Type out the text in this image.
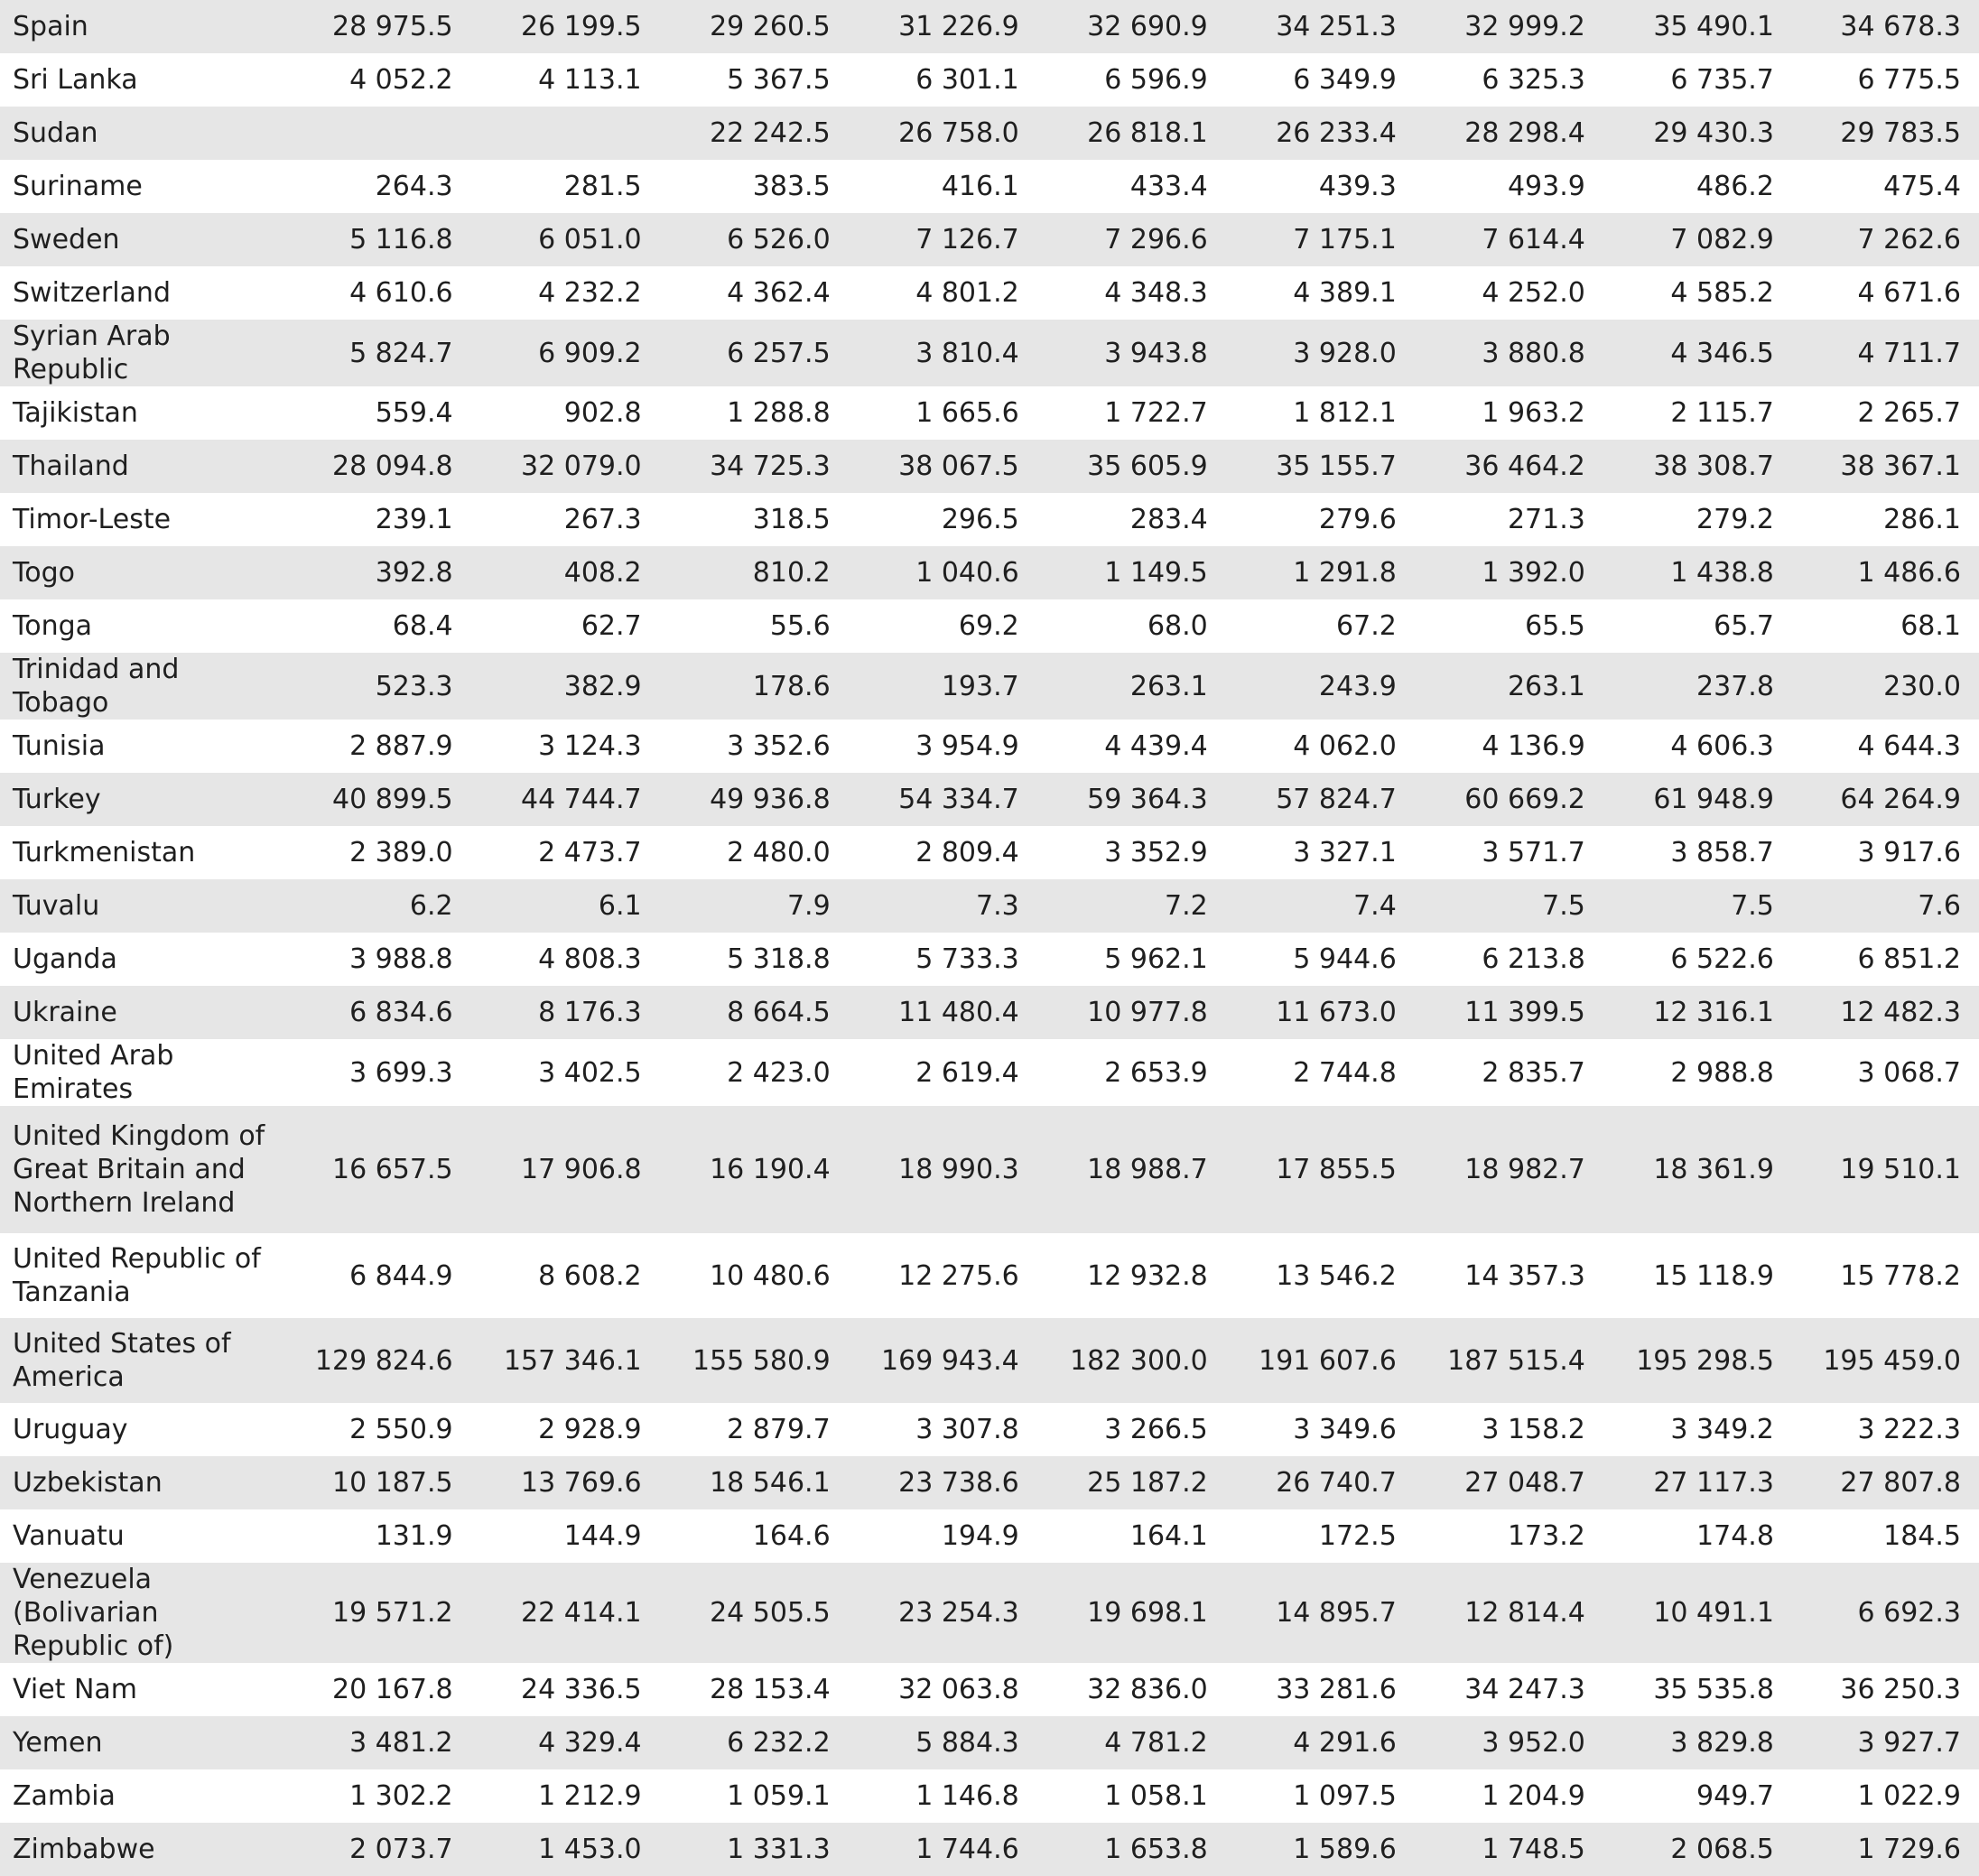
Spain	28 975.5	26 199.5	29 260.5	31 226.9	32 690.9	34 251.3	32 999.2	35 490.1	34 678.3
Sri Lanka	4 052.2	4 113.1	5 367.5	6 301.1	6 596.9	6 349.9	6 325.3	6 735.7	6 775.5
Sudan			22 242.5	26 758.0	26 818.1	26 233.4	28 298.4	29 430.3	29 783.5
Suriname	264.3	281.5	383.5	416.1	433.4	439.3	493.9	486.2	475.4
Sweden	5 116.8	6 051.0	6 526.0	7 126.7	7 296.6	7 175.1	7 614.4	7 082.9	7 262.6
Switzerland	4 610.6	4 232.2	4 362.4	4 801.2	4 348.3	4 389.1	4 252.0	4 585.2	4 671.6
Syrian Arab Republic	5 824.7	6 909.2	6 257.5	3 810.4	3 943.8	3 928.0	3 880.8	4 346.5	4 711.7
Tajikistan	559.4	902.8	1 288.8	1 665.6	1 722.7	1 812.1	1 963.2	2 115.7	2 265.7
Thailand	28 094.8	32 079.0	34 725.3	38 067.5	35 605.9	35 155.7	36 464.2	38 308.7	38 367.1
Timor-Leste	239.1	267.3	318.5	296.5	283.4	279.6	271.3	279.2	286.1
Togo	392.8	408.2	810.2	1 040.6	1 149.5	1 291.8	1 392.0	1 438.8	1 486.6
Tonga	68.4	62.7	55.6	69.2	68.0	67.2	65.5	65.7	68.1
Trinidad and Tobago	523.3	382.9	178.6	193.7	263.1	243.9	263.1	237.8	230.0
Tunisia	2 887.9	3 124.3	3 352.6	3 954.9	4 439.4	4 062.0	4 136.9	4 606.3	4 644.3
Turkey	40 899.5	44 744.7	49 936.8	54 334.7	59 364.3	57 824.7	60 669.2	61 948.9	64 264.9
Turkmenistan	2 389.0	2 473.7	2 480.0	2 809.4	3 352.9	3 327.1	3 571.7	3 858.7	3 917.6
Tuvalu	6.2	6.1	7.9	7.3	7.2	7.4	7.5	7.5	7.6
Uganda	3 988.8	4 808.3	5 318.8	5 733.3	5 962.1	5 944.6	6 213.8	6 522.6	6 851.2
Ukraine	6 834.6	8 176.3	8 664.5	11 480.4	10 977.8	11 673.0	11 399.5	12 316.1	12 482.3
United Arab Emirates	3 699.3	3 402.5	2 423.0	2 619.4	2 653.9	2 744.8	2 835.7	2 988.8	3 068.7
United Kingdom of Great Britain and Northern Ireland	16 657.5	17 906.8	16 190.4	18 990.3	18 988.7	17 855.5	18 982.7	18 361.9	19 510.1
United Republic of Tanzania	6 844.9	8 608.2	10 480.6	12 275.6	12 932.8	13 546.2	14 357.3	15 118.9	15 778.2
United States of America	129 824.6	157 346.1	155 580.9	169 943.4	182 300.0	191 607.6	187 515.4	195 298.5	195 459.0
Uruguay	2 550.9	2 928.9	2 879.7	3 307.8	3 266.5	3 349.6	3 158.2	3 349.2	3 222.3
Uzbekistan	10 187.5	13 769.6	18 546.1	23 738.6	25 187.2	26 740.7	27 048.7	27 117.3	27 807.8
Vanuatu	131.9	144.9	164.6	194.9	164.1	172.5	173.2	174.8	184.5
Venezuela (Bolivarian Republic of)	19 571.2	22 414.1	24 505.5	23 254.3	19 698.1	14 895.7	12 814.4	10 491.1	6 692.3
Viet Nam	20 167.8	24 336.5	28 153.4	32 063.8	32 836.0	33 281.6	34 247.3	35 535.8	36 250.3
Yemen	3 481.2	4 329.4	6 232.2	5 884.3	4 781.2	4 291.6	3 952.0	3 829.8	3 927.7
Zambia	1 302.2	1 212.9	1 059.1	1 146.8	1 058.1	1 097.5	1 204.9	949.7	1 022.9
Zimbabwe	2 073.7	1 453.0	1 331.3	1 744.6	1 653.8	1 589.6	1 748.5	2 068.5	1 729.6
